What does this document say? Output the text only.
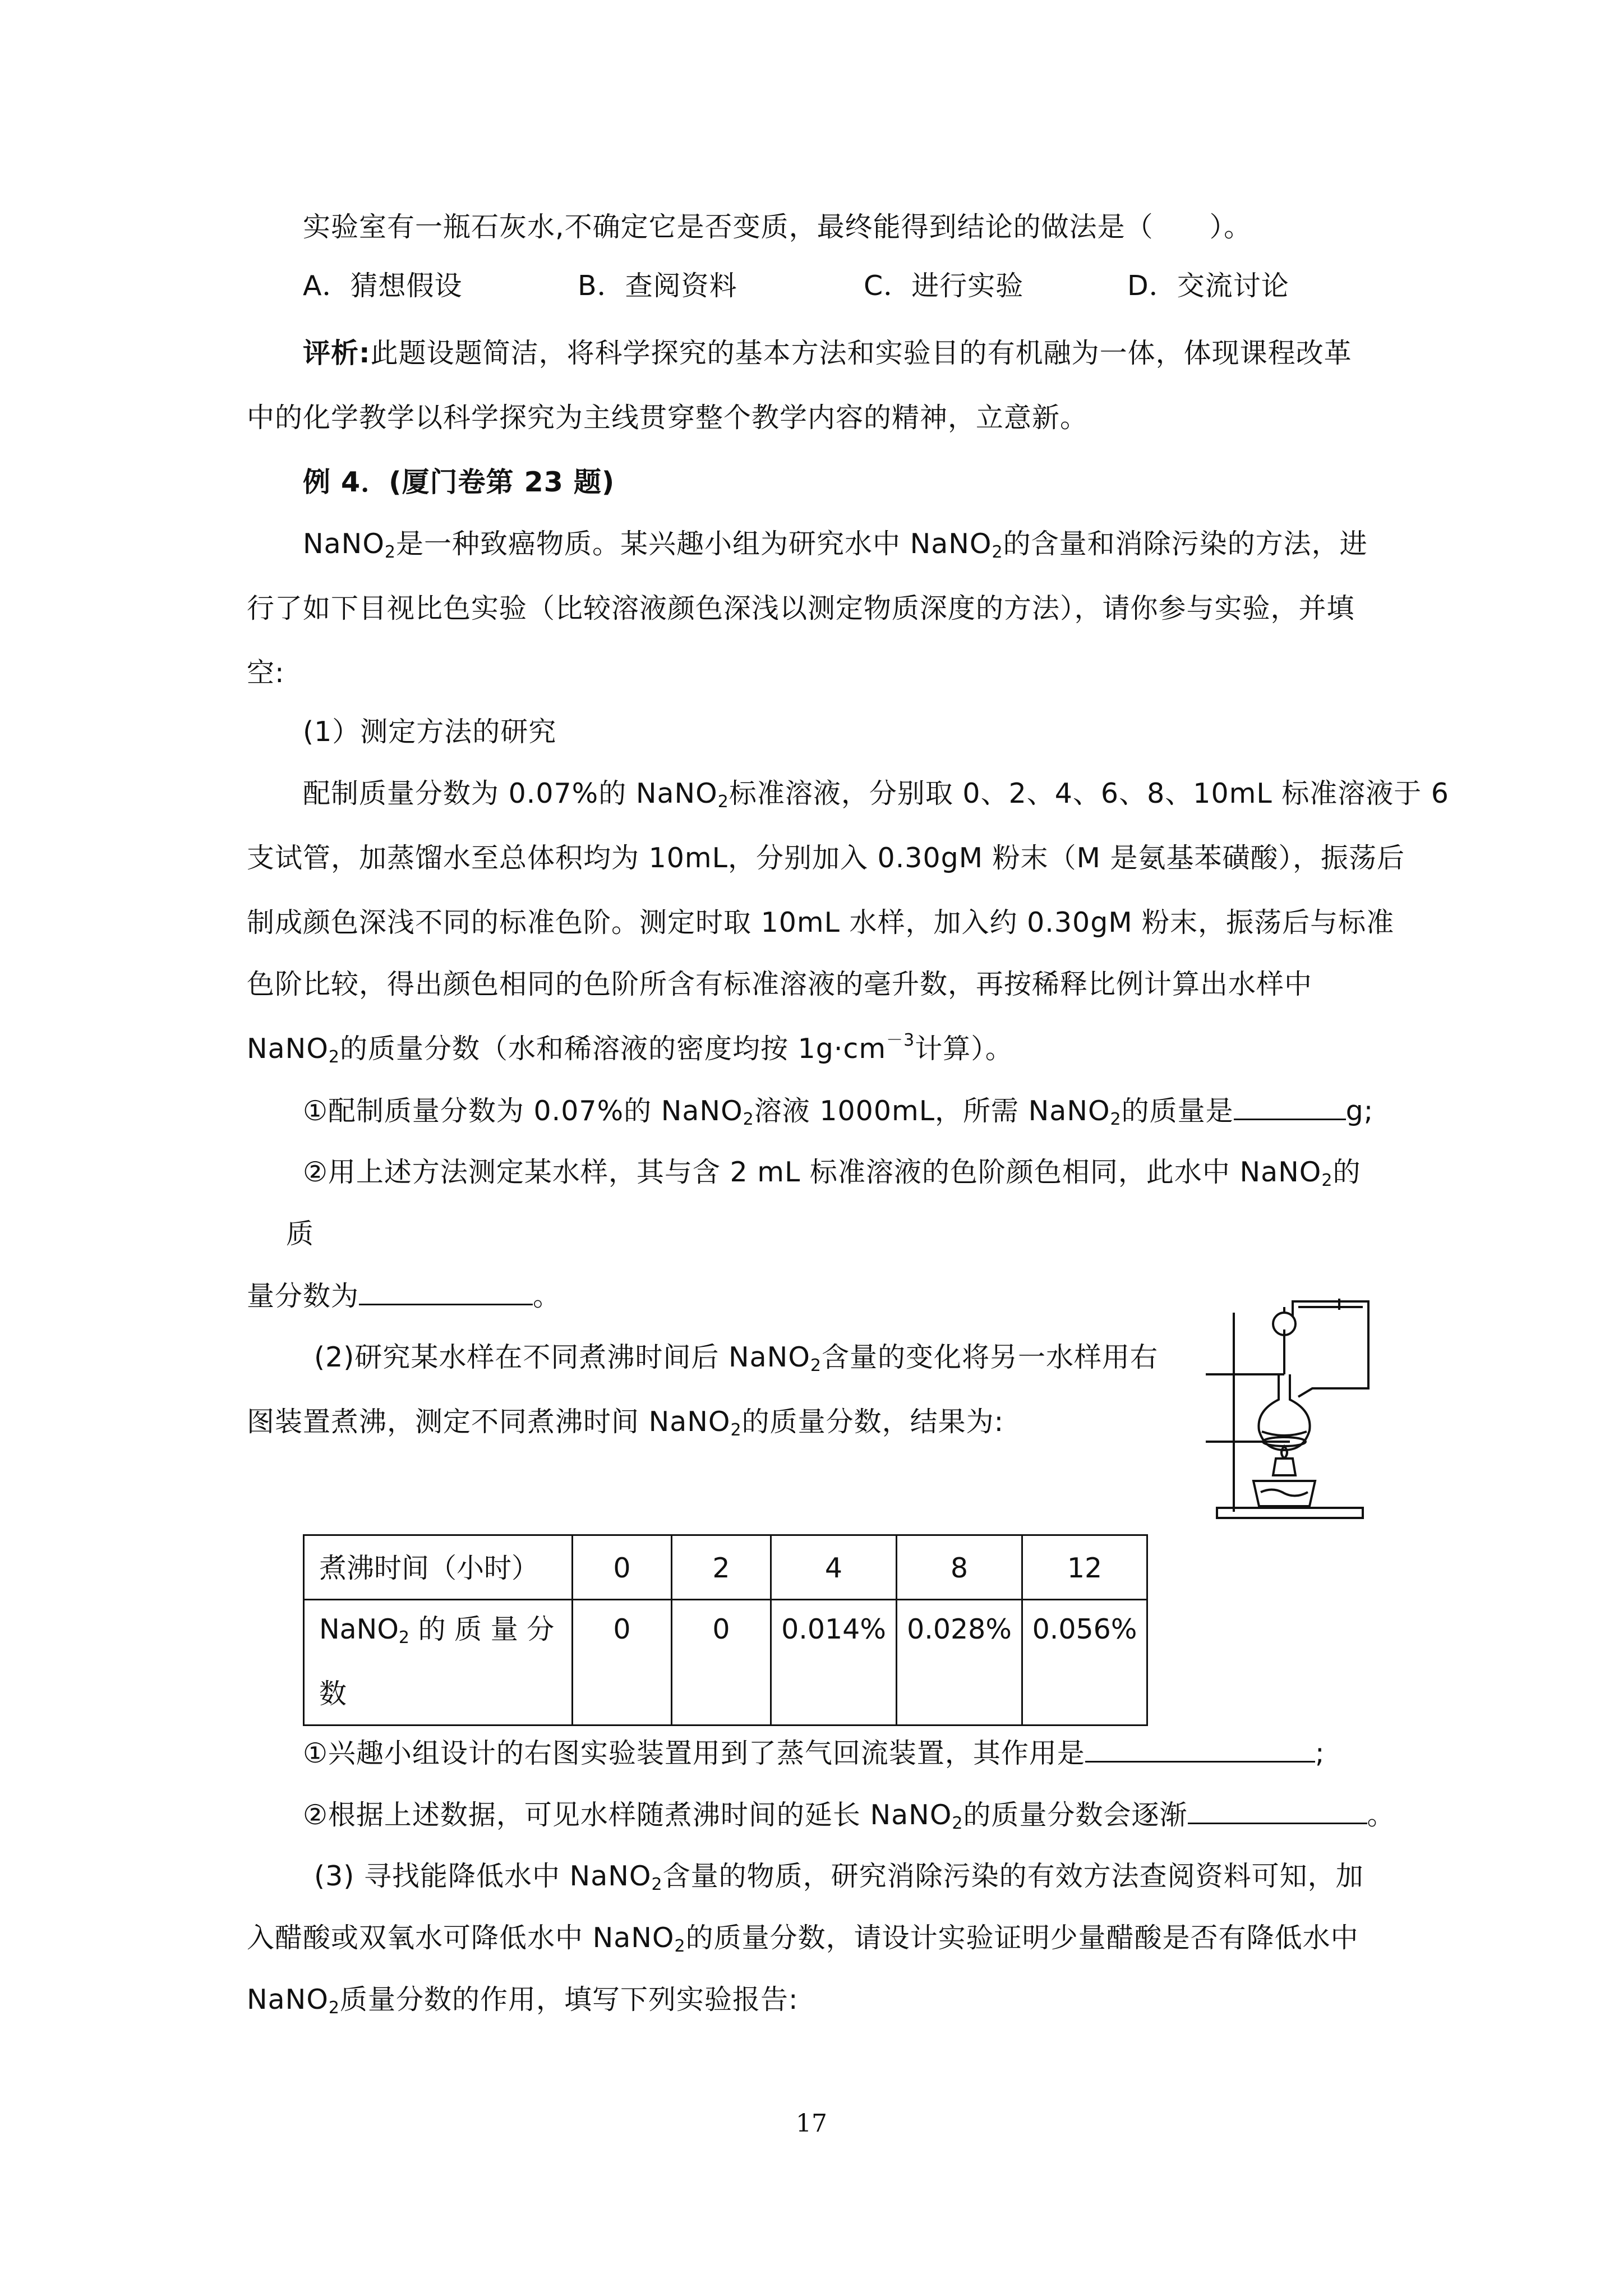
实验室有一瓶石灰水,不确定它是否变质，最终能得到结论的做法是（　　）。
A．猜想假设	B．查阅资料	C．进行实验	D．交流讨论
评析:此题设题简洁，将科学探究的基本方法和实验目的有机融为一体，体现课程改革
中的化学教学以科学探究为主线贯穿整个教学内容的精神，立意新。
例 4．(厦门卷第 23 题)
NaNO$_2$是一种致癌物质。某兴趣小组为研究水中 NaNO$_2$的含量和消除污染的方法，进
行了如下目视比色实验（比较溶液颜色深浅以测定物质深度的方法），请你参与实验，并填
空:
(1）测定方法的研究
配制质量分数为 0.07%的 NaNO$_2$标准溶液，分别取 0、2、4、6、8、10mL 标准溶液于 6
支试管，加蒸馏水至总体积均为 10mL，分别加入 0.30gM 粉末（M 是氨基苯磺酸），振荡后
制成颜色深浅不同的标准色阶。测定时取 10mL 水样，加入约 0.30gM 粉末，振荡后与标准
色阶比较，得出颜色相同的色阶所含有标准溶液的毫升数，再按稀释比例计算出水样中
NaNO$_2$的质量分数（水和稀溶液的密度均按 $1g\cdot cm^{-3}$计算）。
①配制质量分数为 0.07%的 NaNO$_2$溶液 1000mL，所需 NaNO$_2$的质量是	g;
②用上述方法测定某水样，其与含 2 mL 标准溶液的色阶颜色相同，此水中 NaNO$_2$的
质
量分数为	。
(2)研究某水样在不同煮沸时间后 NaNO$_2$含量的变化将另一水样用右
图装置煮沸，测定不同煮沸时间 NaNO$_2$的质量分数，结果为:
煮沸时间（小时）	0	2	4	8	12
NaNO$_2$ 的 质 量 分
数	0	0	0.014%	0.028%	0.056%
①兴趣小组设计的右图实验装置用到了蒸气回流装置，其作用是	;
②根据上述数据，可见水样随煮沸时间的延长 NaNO$_2$的质量分数会逐渐	。
(3) 寻找能降低水中 NaNO$_2$含量的物质，研究消除污染的有效方法查阅资料可知，加
入醋酸或双氧水可降低水中 NaNO$_2$的质量分数，请设计实验证明少量醋酸是否有降低水中
NaNO$_2$质量分数的作用，填写下列实验报告:
17
